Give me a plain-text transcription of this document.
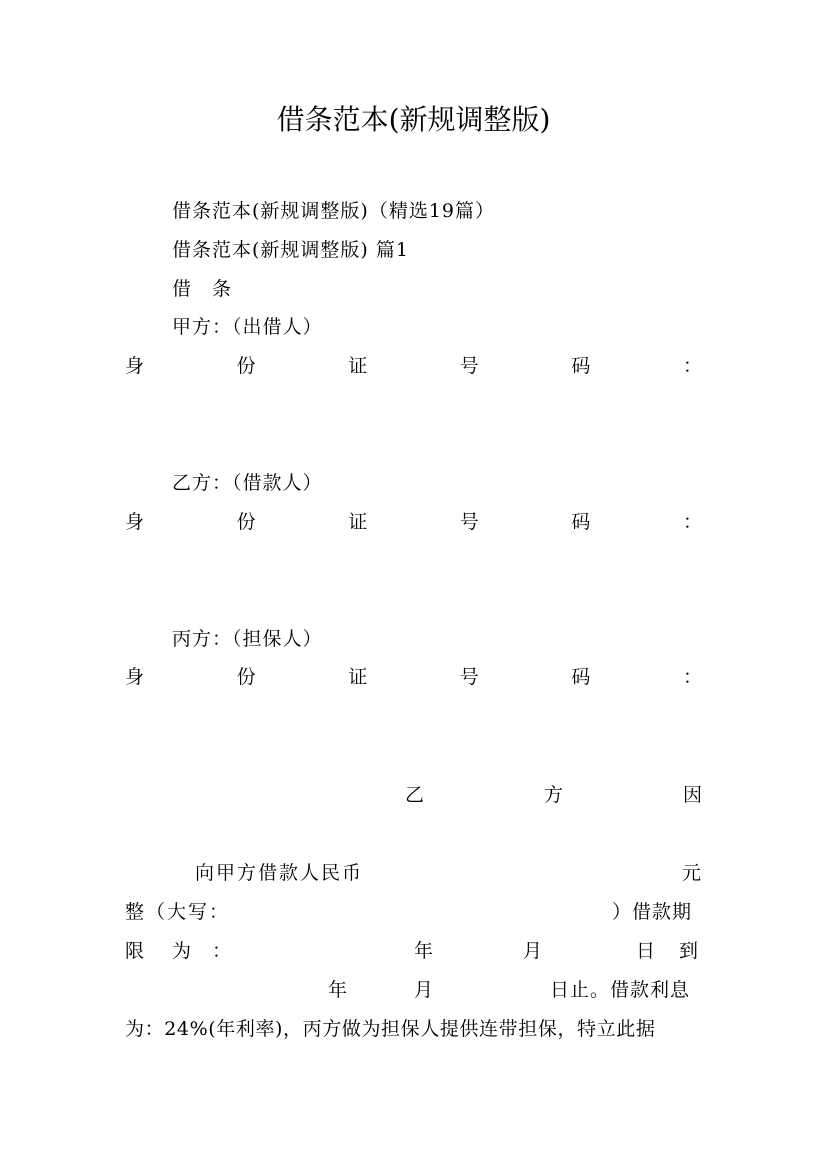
借条范本(新规调整版)
借条范本(新规调整版)（精选19篇）
借条范本(新规调整版) 篇1
借　条
甲方：（出借人）
身	份	证	号	码	：
乙方：（借款人）
身	份	证	号	码	：
丙方：（担保人）
身	份	证	号	码	：
乙	方	因
向甲方借款人民币	元
整（大写：	）借款期
限 为 ：	年	月	日 到
年	月	日止。借款利息
为：24%(年利率)，丙方做为担保人提供连带担保，特立此据
